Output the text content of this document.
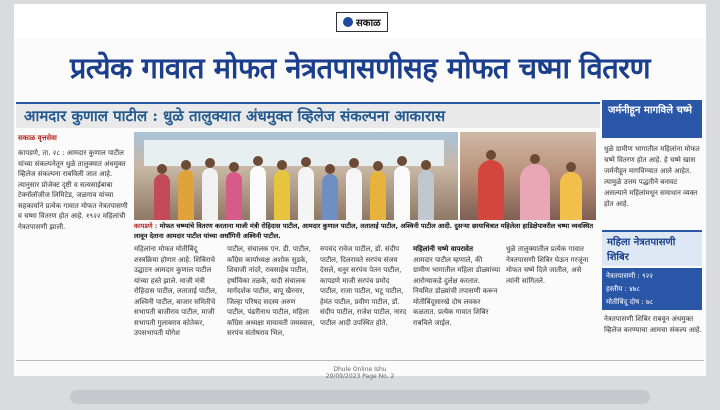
सकाळ
प्रत्येक गावात मोफत नेत्रतपासणीसह मोफत चष्मा वितरण
आमदार कुणाल पाटील : धुळे तालुक्यात अंधमुक्त व्हिलेज संकल्पना आकारास
सकाळ वृत्तसेवा
कापडणे, ता. २८ : आमदार कुणाल पाटील यांच्या संकल्पनेतून धुळे तालुक्यात अंधमुक्त व्हिलेज संकल्पना राबविली जात आहे. त्यानुसार प्रोजेक्ट दृष्टी व सत्यसाईबाबा टेक्नॉलॉजीज लिमिटेड, जळगाव यांच्या सहकार्याने प्रत्येक गावात मोफत नेत्रतपासणी व चष्मा वितरण होत आहे. १९२२ महिलांची नेत्रतपासणी झाली.	कापडणे : मोफत चष्म्यांचे वितरण करताना माजी मंत्री रोहिदास पाटील, आमदार कुणाल पाटील, लताताई पाटील, अश्विनी पाटील आदी. दुसऱ्या छायाचित्रात महिलेला हाडिक्षेपावरील चष्मा व्यवस्थित लावून देताना आमदार पाटील यांच्या अर्धांगिनी अश्विनी पाटील.
महिलांना मोफत मोतीबिंदू शस्त्रक्रिया होणार आहे. शिबिराचे उद्घाटन आमदार कुणाल पाटील यांच्या हस्ते झाले. माजी मंत्री रोहिदास पाटील, लताताई पाटील, अश्विनी पाटील, बाजार समितीचे सभापती बाजीराव पाटील, माजी सभापती गुलाबराव कोतेकर, उपसभापती योगेश
पाटील, संचालक एन. डी. पाटील, काँग्रेस कार्याध्यक्ष अशोक सुडके, शिवाजी नांदरे, रावसाहेब पाटील, हर्षाविका तळके, यादी संचालक मार्गदर्शक पाटील, बापू खैरनार, जिल्हा परिषद सदस्य अरुण पाटील, पंढरीनाथ पाटील, महिला कॉंग्रेस अध्यक्षा मायावती जयस्वाल, सरपंच संतोषराव भिल,
रुपचंद रावेज पाटील, डॉ. संदीप पाटील, दिलरावते सरपंच संजय देसले, धनुर सरपंच पेतन पाटील, कापडणे माजी सरपंच प्रमोद पाटील, राजा पाटील, भटू पाटील, हेमंत पाटील, प्रवीण पाटील, डॉ. संदीप पाटील, राजेश पाटील, नारद पाटील आदी उपस्थित होते.
महिलांनी चष्मे वापरावेत
आमदार पाटील म्हणाले, की ग्रामीण भागातील महिला डोळ्यांच्या आरोग्याकडे दुर्लक्ष करतात. नियमित डोळ्यांची तपासणी करून मोतीबिंदूसारखे दोष लवकर कळतात. प्रत्येक गावात शिबिर राबविले जाईल.
धुळे तालुक्यातील प्रत्येक गावात नेत्रतपासणी शिबिर घेऊन गरजूंना मोफत चष्मे दिले जातील, असे त्यांनी सांगितले.
जर्मनीहून मागविले चष्मे
धुळे ग्रामीण भागातील महिलांना मोफत चष्मे वितरण होत आहे. हे चष्मे खास जर्मनीहून मागविण्यात आले आहेत. त्यामुळे उत्तम पद्धतीने बनावट असल्याने महिलांमधून समाधान व्यक्त होत आहे.
महिला नेत्रतपासणी शिबिर
नेत्रतपासणी : ९२२
हस्तीय : ४७८
मोतीबिंदू दोष : ७८
नेत्रतपासणी शिबिर राबवून अंधमुक्त व्हिलेज करण्याचा आमचा संकल्प आहे.
Dhule Online Ishu
29/09/2023 Page No. 2
